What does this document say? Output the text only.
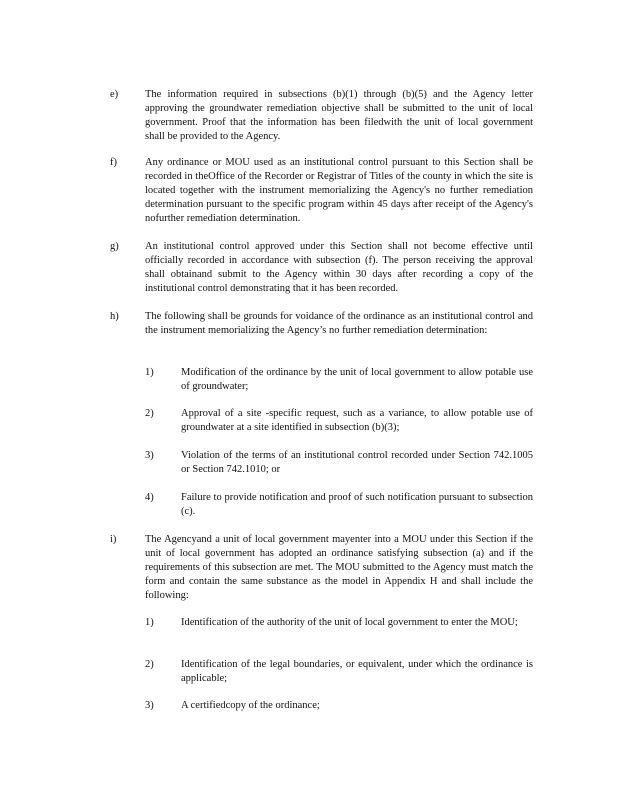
e)	The information required in subsections (b)(1) through (b)(5) and the Agency letter approving the groundwater remediation objective shall be submitted to the unit of local government. Proof that the information has been filedwith the unit of local government shall be provided to the Agency.
f)	Any ordinance or MOU used as an institutional control pursuant to this Section shall be recorded in theOffice of the Recorder or Registrar of Titles of the county in which the site is located together with the instrument memorializing the Agency's no further remediation determination pursuant to the specific program within 45 days after receipt of the Agency's nofurther remediation determination.
g)	An institutional control approved under this Section shall not become effective until officially recorded in accordance with subsection (f). The person receiving the approval shall obtainand submit to the Agency within 30 days after recording a copy of the institutional control demonstrating that it has been recorded.
h)	The following shall be grounds for voidance of the ordinance as an institutional control and the instrument memorializing the Agency’s no further remediation determination:
1)	Modification of the ordinance by the unit of local government to allow potable use of groundwater;
2)	Approval of a site -specific request, such as a variance, to allow potable use of groundwater at a site identified in subsection (b)(3);
3)	Violation of the terms of an institutional control recorded under Section 742.1005 or Section 742.1010; or
4)	Failure to provide notification and proof of such notification pursuant to subsection (c).
i)	The Agencyand a unit of local government mayenter into a MOU under this Section if the unit of local government has adopted an ordinance satisfying subsection (a) and if the requirements of this subsection are met. The MOU submitted to the Agency must match the form and contain the same substance as the model in Appendix H and shall include the following:
1)	Identification of the authority of the unit of local government to enter the MOU;
2)	Identification of the legal boundaries, or equivalent, under which the ordinance is applicable;
3)	A certifiedcopy of the ordinance;
